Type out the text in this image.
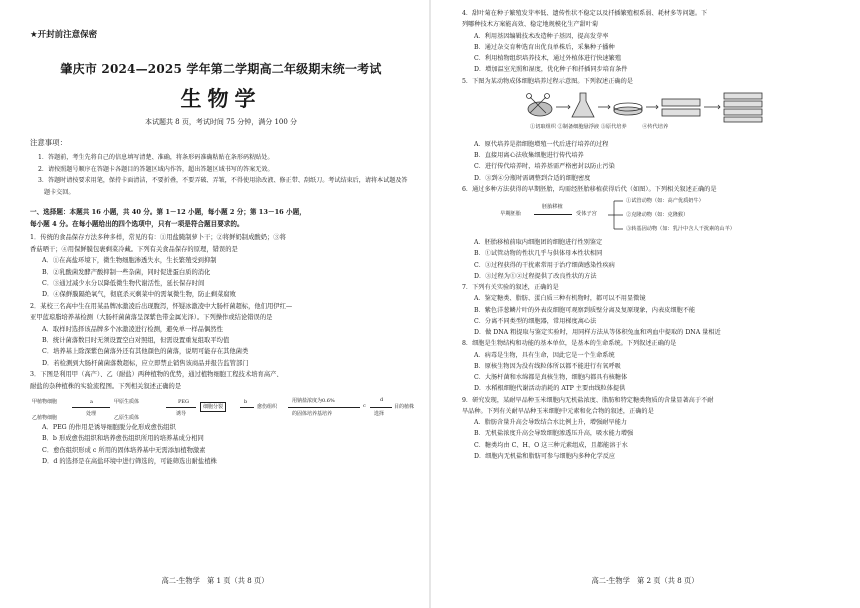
★开封前注意保密
肇庆市 2024—2025 学年第二学期高二年级期末统一考试
生物学
本试题共 8 页，考试时间 75 分钟，满分 100 分
注意事项：
1．答题前，考生先将自己的信息填写清楚、准确，将条形码准确粘贴在条形码粘贴处。
2．请按照题号顺序在答题卡各题目的答题区域内作答，超出答题区域书写的答案无效。
3．答题时请按要求用笔，保持卡面清洁，不要折叠，不要弄破、弄皱，不得使用涂改液、修正带、刮纸刀。考试结束后，请将本试题及答题卡交回。
一、选择题：本题共 16 小题，共 40 分。第 1－12 小题，每小题 2 分；第 13－16 小题，
每小题 4 分。在每小题给出的四个选项中，只有一项是符合题目要求的。
1．传统的食品保存方法多种多样，常见的有：①用盐腌制萝卜干；②将鲜奶制成酸奶；③将
香菇晒干；④用保鲜膜包裹剩菜冷藏。下列有关食品保存的原理，错误的是
A．①在高盐环境下，微生物细胞渗透失水，生长繁殖受到抑制
B．②乳酸菌发酵产酸抑制一些杂菌，同时促进蛋白质的消化
C．③通过减少水分以降低微生物代谢活性，延长保存时间
D．④保鲜膜隔绝氧气，彻底杀灭剩菜中的需氧微生物，防止剩菜腐败
2．某校三名高中生在用某品牌冰激凌后出现腹泻，怀疑冰激凌中大肠杆菌超标，他们用伊红—
亚甲蓝琼脂培养基检测（大肠杆菌菌落呈深紫色带金属光泽）。下列操作或结论错误的是
A．取样时选择该品牌多个冰激凌进行检测，避免单一样品偶然性
B．统计菌落数目时无须设置空白对照组，但需设置重复组取平均值
C．培养基上除深紫色菌落外还有其他颜色的菌落，说明可能存在其他菌类
D．若检测到大肠杆菌菌落数超标，应立即禁止销售该商品并报告监管部门
3．下图是利用甲（高产）、乙（耐盐）两种植物的优势，通过植物细胞工程技术培育高产、
耐盐的杂种植株的实验流程图。下列相关叙述正确的是
甲植物细胞
乙植物细胞
a
处理
甲原生质体
乙原生质体
PEG
诱导
细胞分裂
b
愈伤组织
用钠盐浓度为0.6%
的固体培养基培养
c
d
选择
目的植株
A．PEG 的作用是诱导细胞脱分化形成愈伤组织
B．b 形成愈伤组织和培养愈伤组织所用的培养基成分相同
C．愈伤组织形成 c 所用的固体培养基中无需添加植物激素
D．d 的选择是在高盐环境中进行筛选的，可能筛选出耐盐植株
高二·生物学　第 1 页（共 8 页）
4．甜叶菊在种子繁殖发芽率低、遗传性状不稳定以及扦插繁殖根系弱、耗材多等问题。下
列哪种技术方案能高效、稳定地规模化生产甜叶菊
A．利用基因编辑技术改造种子基因，提高发芽率
B．通过杂交育种选育出优良单株后，采集种子播种
C．利用植物组织培养技术，通过外植体进行快速繁殖
D．增加温室光照和湿度，优化种子和扦插同步培育条件
5．下图为某动物成体细胞培养过程示意图。下列叙述正确的是
①切取组织 ②制备细胞悬浮液 ③原代培养　　　④传代培养
A．原代培养是指细胞增殖一代后进行培养的过程
B．直接用离心法收集细胞进行传代培养
C．进行传代培养时，培养基需严格密封以防止污染
D．③到④分瓶时需调整到合适的细胞密度
6．通过多种方法获得的早期胚胎，均需经胚胎移植获得后代（如图）。下列相关叙述正确的是
早期胚胎
胚胎移植
受体子宫
①试管动物（如：高产优质奶牛）
②克隆动物（如：克隆猴）
③转基因动物（如：乳汁中含人干扰素的山羊）
A．胚胎移植前取内细胞团的细胞进行性别鉴定
B．①试管动物的性状几乎与供体母本性状相同
C．③过程获得的干扰素常用于治疗细菌感染性疾病
D．③过程为①②过程提供了改良性状的方法
7．下列有关实验的叙述，正确的是
A．鉴定糖类、脂肪、蛋白质三种有机物时，都可以不用显微镜
B．紫色洋葱鳞片叶的外表皮细胞可观察到质壁分离及复原现象，内表皮细胞不能
C．分离不同类型的细胞器，常用梯度离心法
D．做 DNA 粗提取与鉴定实验时，用同样方法从等体积兔血和鸡血中提取的 DNA 量相近
8．细胞是生物结构和功能的基本单位，是基本的生命系统。下列叙述正确的是
A．病毒是生物，具有生命，因此它是一个生命系统
B．原核生物因为没有线粒体所以都不能进行有氧呼吸
C．大肠杆菌和水绵都是真核生物，细胞内都具有核糖体
D．水稻根细胞代谢活动消耗的 ATP 主要由线粒体提供
9．研究发现，某耐旱品种玉米细胞内无机盐浓度、脂肪和特定糖类物质的含量显著高于不耐
旱品种。下列有关耐旱品种玉米细胞中元素和化合物的叙述，正确的是
A．脂肪含量升高会导致结合水比例上升，增强耐旱能力
B．无机盐浓度升高会导致细胞渗透压升高，吸水能力增强
C．糖类均由 C、H、O 这三种元素组成，且都能溶于水
D．细胞内无机盐和脂肪可参与细胞内多种化学反应
高二·生物学　第 2 页（共 8 页）
